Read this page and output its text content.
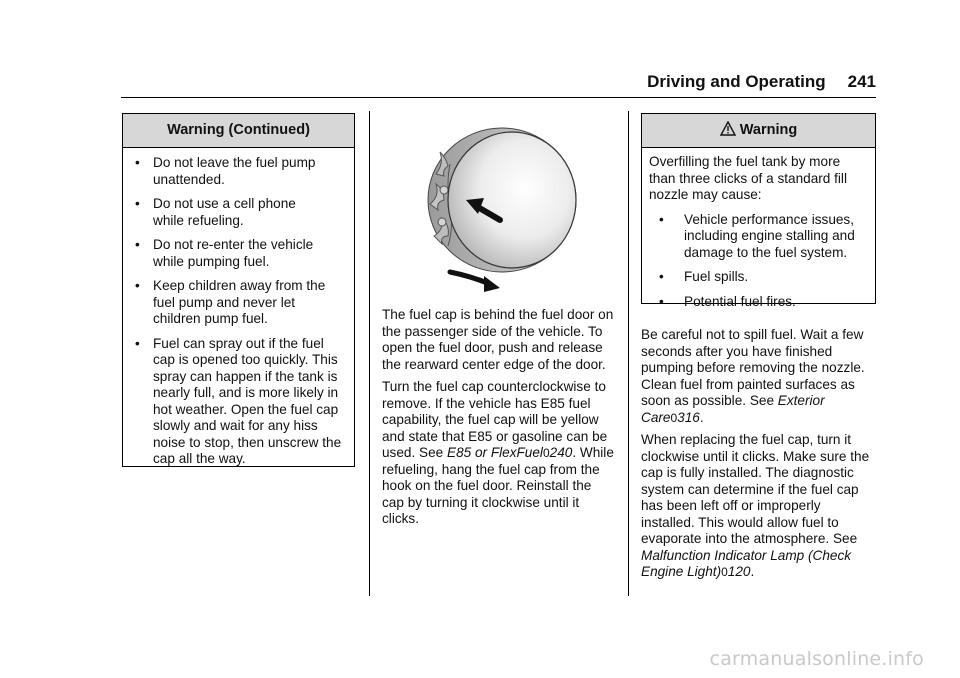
Driving and Operating 241
Warning (Continued)
• Do not leave the fuel pump unattended.
• Do not use a cell phone while refueling.
• Do not re-enter the vehicle while pumping fuel.
• Keep children away from the fuel pump and never let children pump fuel.
• Fuel can spray out if the fuel cap is opened too quickly. This spray can happen if the tank is nearly full, and is more likely in hot weather. Open the fuel cap slowly and wait for any hiss noise to stop, then unscrew the cap all the way.

The fuel cap is behind the fuel door on the passenger side of the vehicle. To open the fuel door, push and release the rearward center edge of the door.

Turn the fuel cap counterclockwise to remove. If the vehicle has E85 fuel capability, the fuel cap will be yellow and state that E85 or gasoline can be used. See E85 or FlexFuel0240. While refueling, hang the fuel cap from the hook on the fuel door. Reinstall the cap by turning it clockwise until it clicks.

Warning

Overfilling the fuel tank by more than three clicks of a standard fill nozzle may cause:

•	Vehicle performance issues, including engine stalling and damage to the fuel system.
•	Fuel spills.
•	Potential fuel fires.

Be careful not to spill fuel. Wait a few seconds after you have finished pumping before removing the nozzle. Clean fuel from painted surfaces as soon as possible. See Exterior Care0316.

When replacing the fuel cap, turn it clockwise until it clicks. Make sure the cap is fully installed. The diagnostic system can determine if the fuel cap has been left off or improperly installed. This would allow fuel to evaporate into the atmosphere. See Malfunction Indicator Lamp (Check Engine Light)0120.

carmanualsonline.info
